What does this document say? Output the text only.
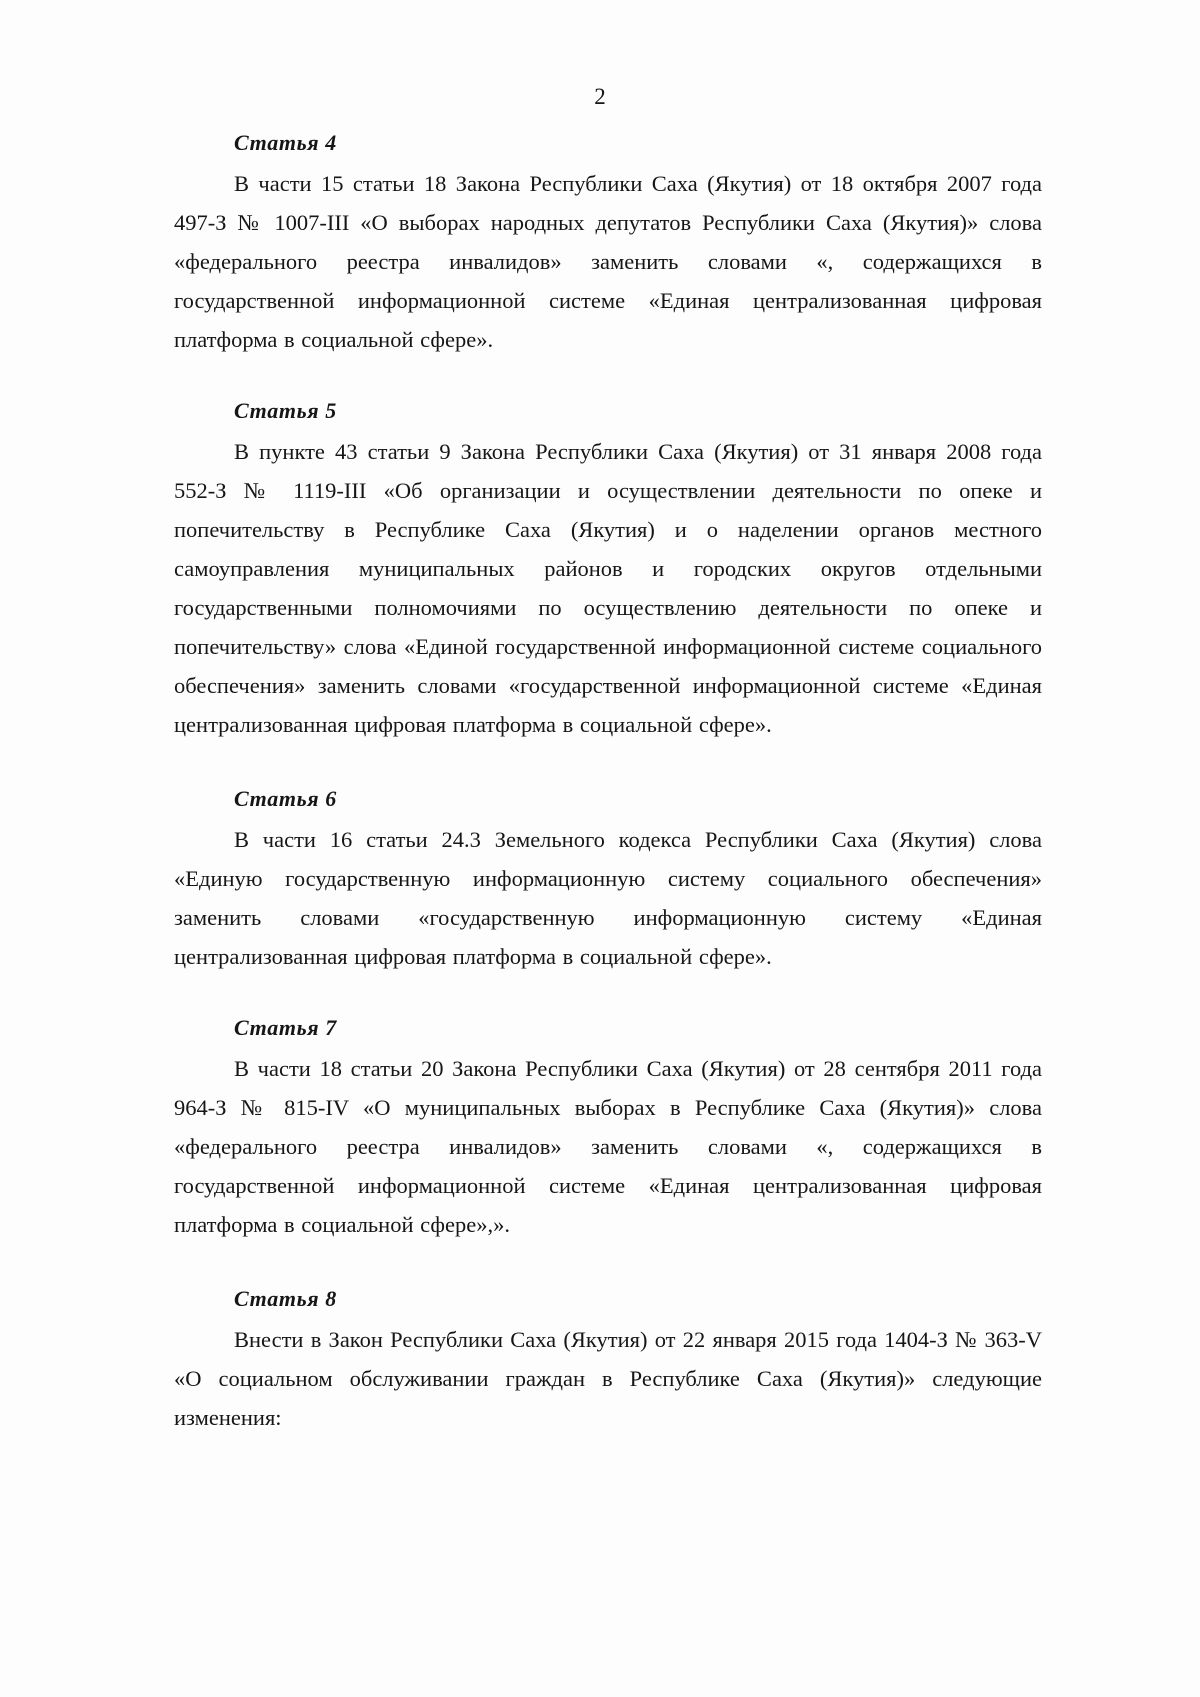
2
Статья 4

В части 15 статьи 18 Закона Республики Саха (Якутия) от 18 октября 2007 года 497-З № 1007-III «О выборах народных депутатов Республики Саха (Якутия)» слова «федерального реестра инвалидов» заменить словами «, содержащихся в государственной информационной системе «Единая централизованная цифровая платформа в социальной сфере».

Статья 5

В пункте 43 статьи 9 Закона Республики Саха (Якутия) от 31 января 2008 года 552-З № 1119-III «Об организации и осуществлении деятельности по опеке и попечительству в Республике Саха (Якутия) и о наделении органов местного самоуправления муниципальных районов и городских округов отдельными государственными полномочиями по осуществлению деятельности по опеке и попечительству» слова «Единой государственной информационной системе социального обеспечения» заменить словами «государственной информационной системе «Единая централизованная цифровая платформа в социальной сфере».

Статья 6

В части 16 статьи 24.3 Земельного кодекса Республики Саха (Якутия) слова «Единую государственную информационную систему социального обеспечения» заменить словами «государственную информационную систему «Единая централизованная цифровая платформа в социальной сфере».

Статья 7

В части 18 статьи 20 Закона Республики Саха (Якутия) от 28 сентября 2011 года 964-З № 815-IV «О муниципальных выборах в Республике Саха (Якутия)» слова «федерального реестра инвалидов» заменить словами «, содержащихся в государственной информационной системе «Единая централизованная цифровая платформа в социальной сфере»,».

Статья 8

Внести в Закон Республики Саха (Якутия) от 22 января 2015 года 1404-З № 363-V «О социальном обслуживании граждан в Республике Саха (Якутия)» следующие изменения:
